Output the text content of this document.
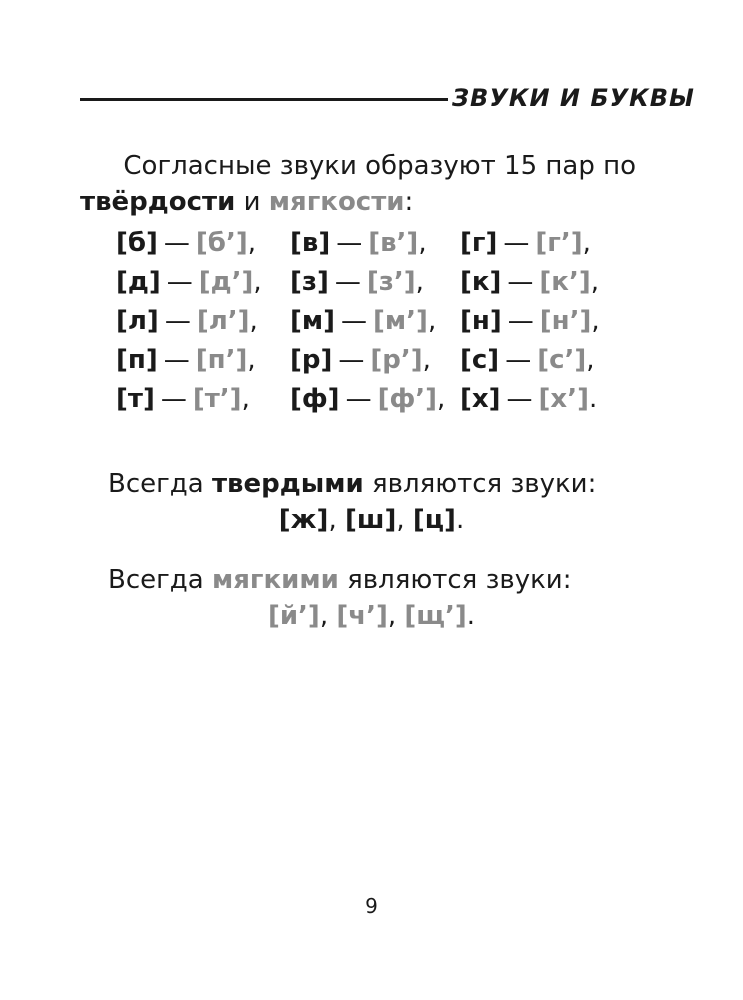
ЗВУКИ И БУКВЫ
Согласные звуки образуют 15 пар по
твёрдости и мягкости:
[б] — [б’], [в] — [в’], [г] — [г’],
[д] — [д’], [з] — [з’], [к] — [к’],
[л] — [л’], [м] — [м’], [н] — [н’],
[п] — [п’], [р] — [р’], [с] — [с’],
[т] — [т’], [ф] — [ф’], [х] — [х’].
Всегда твердыми являются звуки:
[ж], [ш], [ц].
Всегда мягкими являются звуки:
[й’], [ч’], [щ’].
9
